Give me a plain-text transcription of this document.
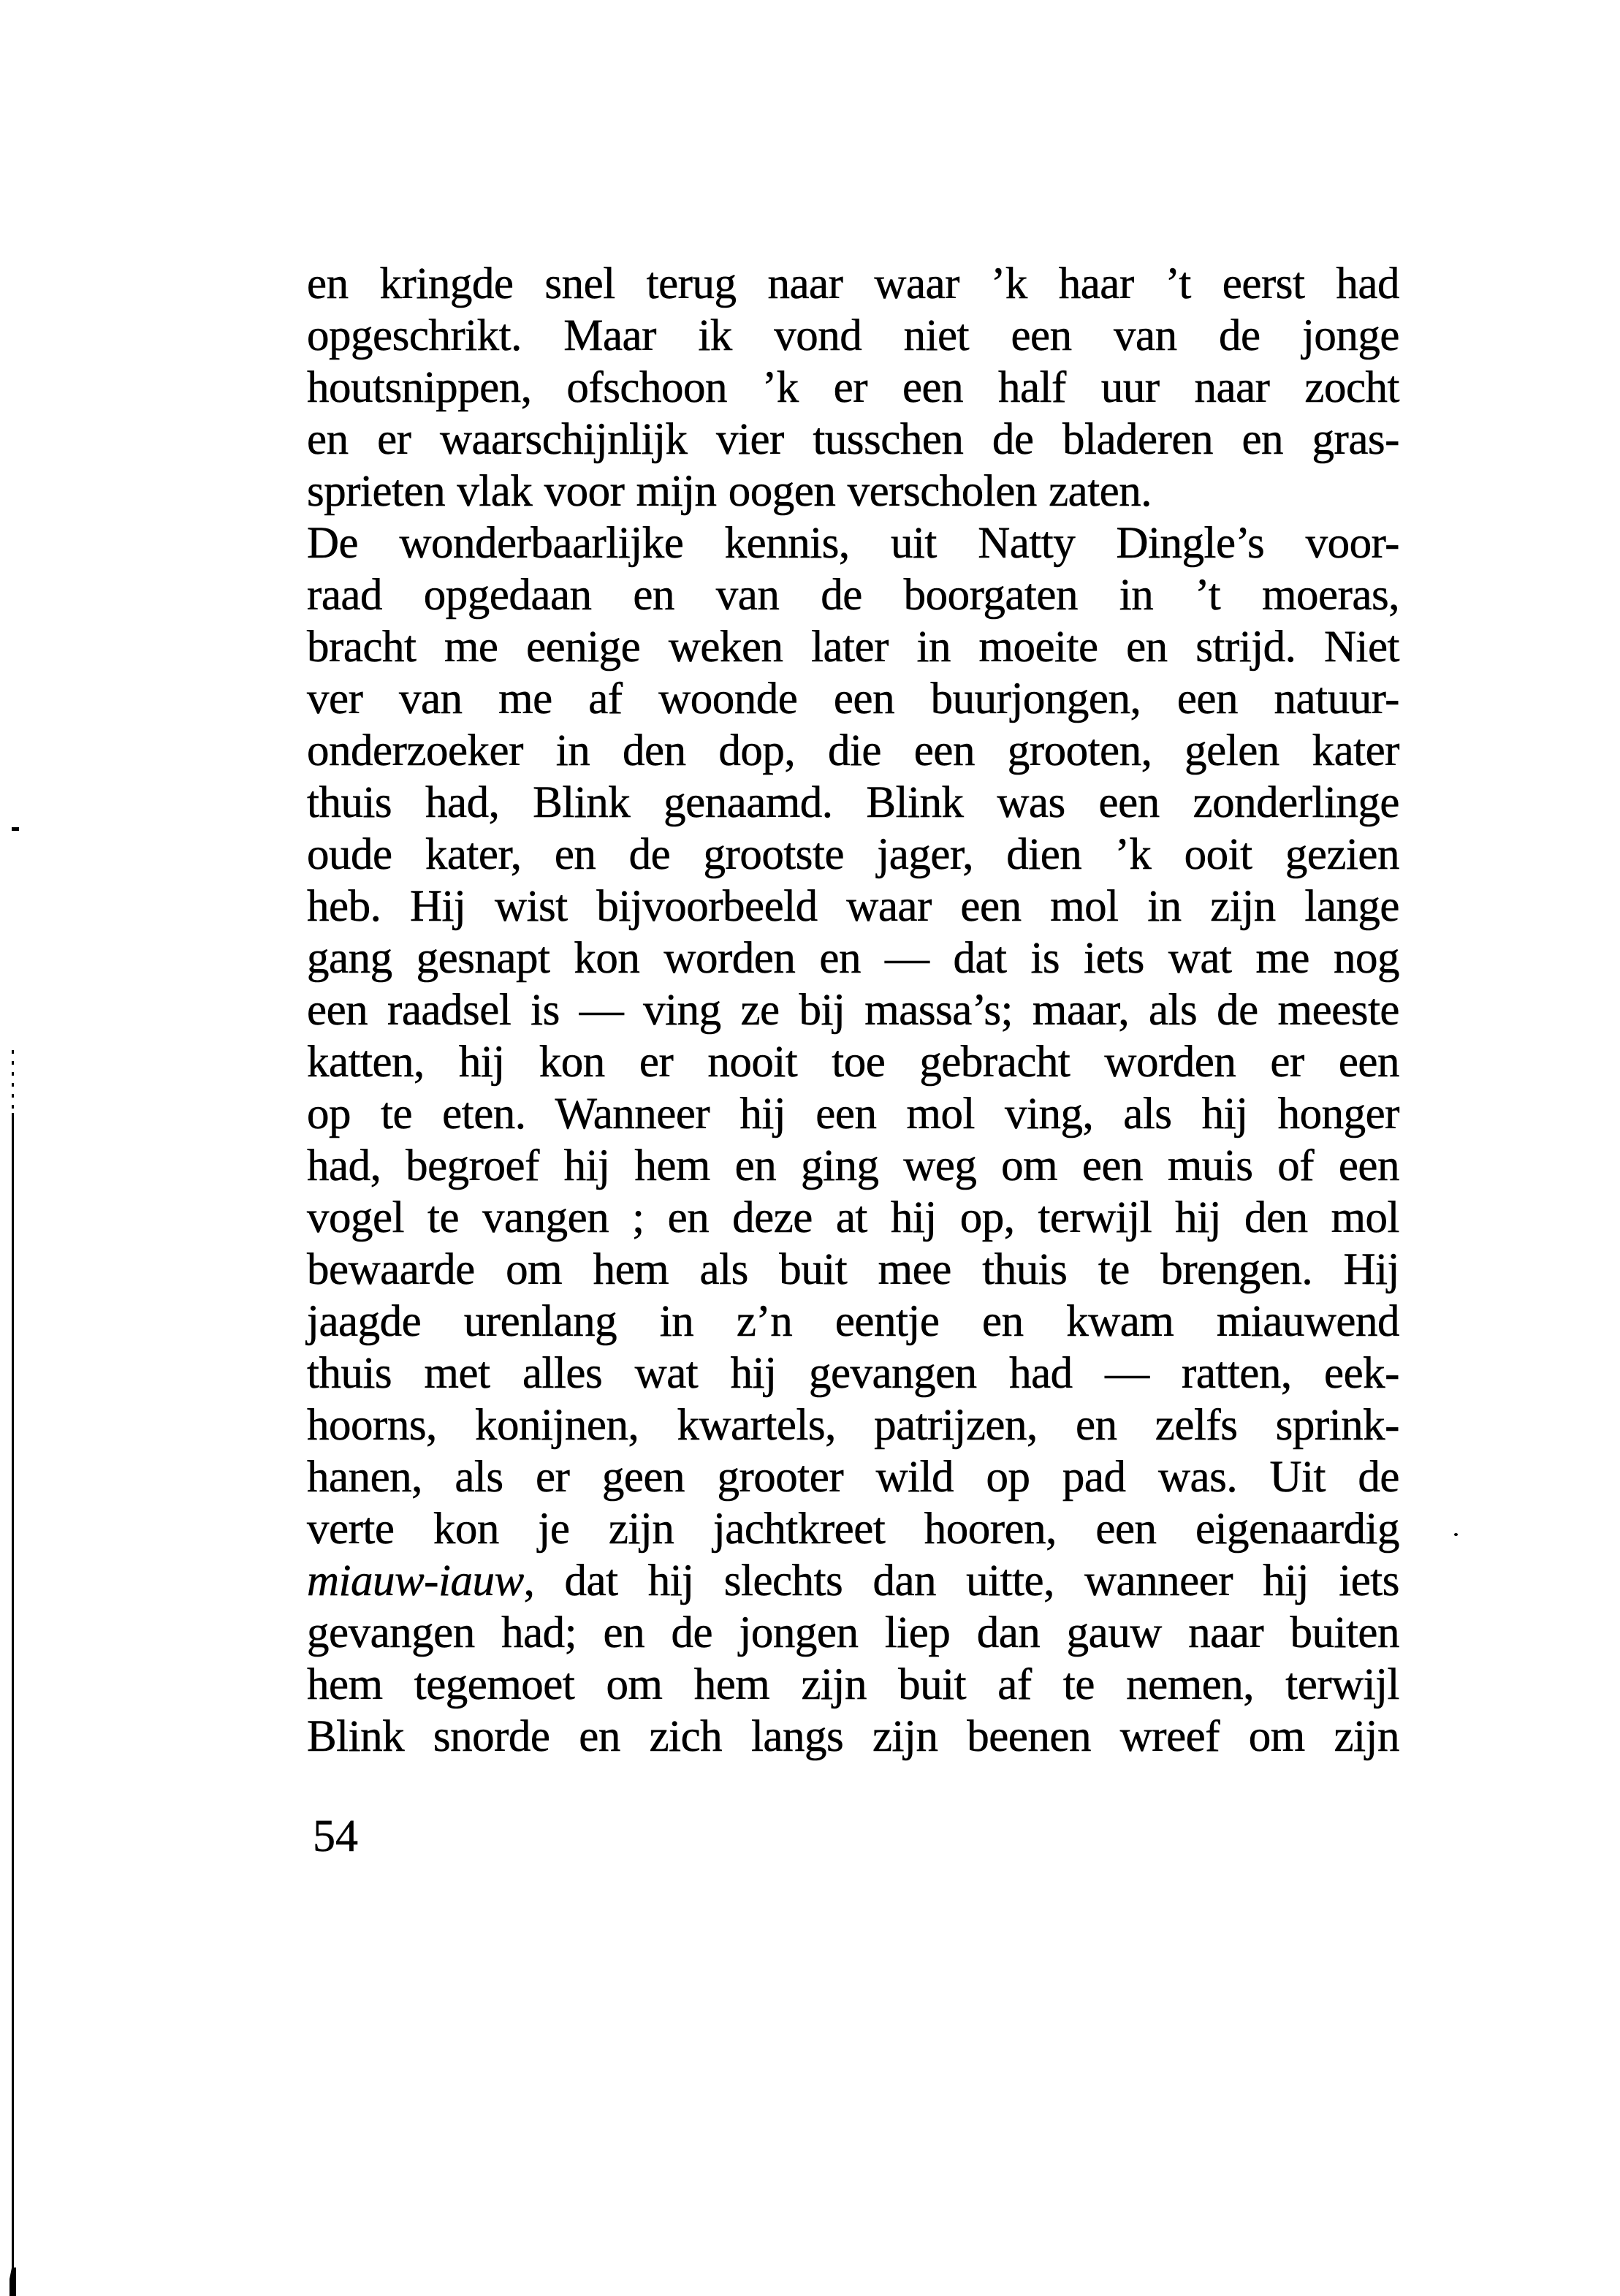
en kringde snel terug naar waar ’k haar ’t eerst had
opgeschrikt. Maar ik vond niet een van de jonge
houtsnippen, ofschoon ’k er een half uur naar zocht
en er waarschijnlijk vier tusschen de bladeren en gras-
sprieten vlak voor mijn oogen verscholen zaten.
De wonderbaarlijke kennis, uit Natty Dingle’s voor-
raad opgedaan en van de boorgaten in ’t moeras,
bracht me eenige weken later in moeite en strijd. Niet
ver van me af woonde een buurjongen, een natuur-
onderzoeker in den dop, die een grooten, gelen kater
thuis had, Blink genaamd. Blink was een zonderlinge
oude kater, en de grootste jager, dien ’k ooit gezien
heb. Hij wist bijvoorbeeld waar een mol in zijn lange
gang gesnapt kon worden en — dat is iets wat me nog
een raadsel is — ving ze bij massa’s; maar, als de meeste
katten, hij kon er nooit toe gebracht worden er een
op te eten. Wanneer hij een mol ving, als hij honger
had, begroef hij hem en ging weg om een muis of een
vogel te vangen ; en deze at hij op, terwijl hij den mol
bewaarde om hem als buit mee thuis te brengen. Hij
jaagde urenlang in z’n eentje en kwam miauwend
thuis met alles wat hij gevangen had — ratten, eek-
hoorns, konijnen, kwartels, patrijzen, en zelfs sprink-
hanen, als er geen grooter wild op pad was. Uit de
verte kon je zijn jachtkreet hooren, een eigenaardig
miauw-iauw, dat hij slechts dan uitte, wanneer hij iets
gevangen had; en de jongen liep dan gauw naar buiten
hem tegemoet om hem zijn buit af te nemen, terwijl
Blink snorde en zich langs zijn beenen wreef om zijn
54
